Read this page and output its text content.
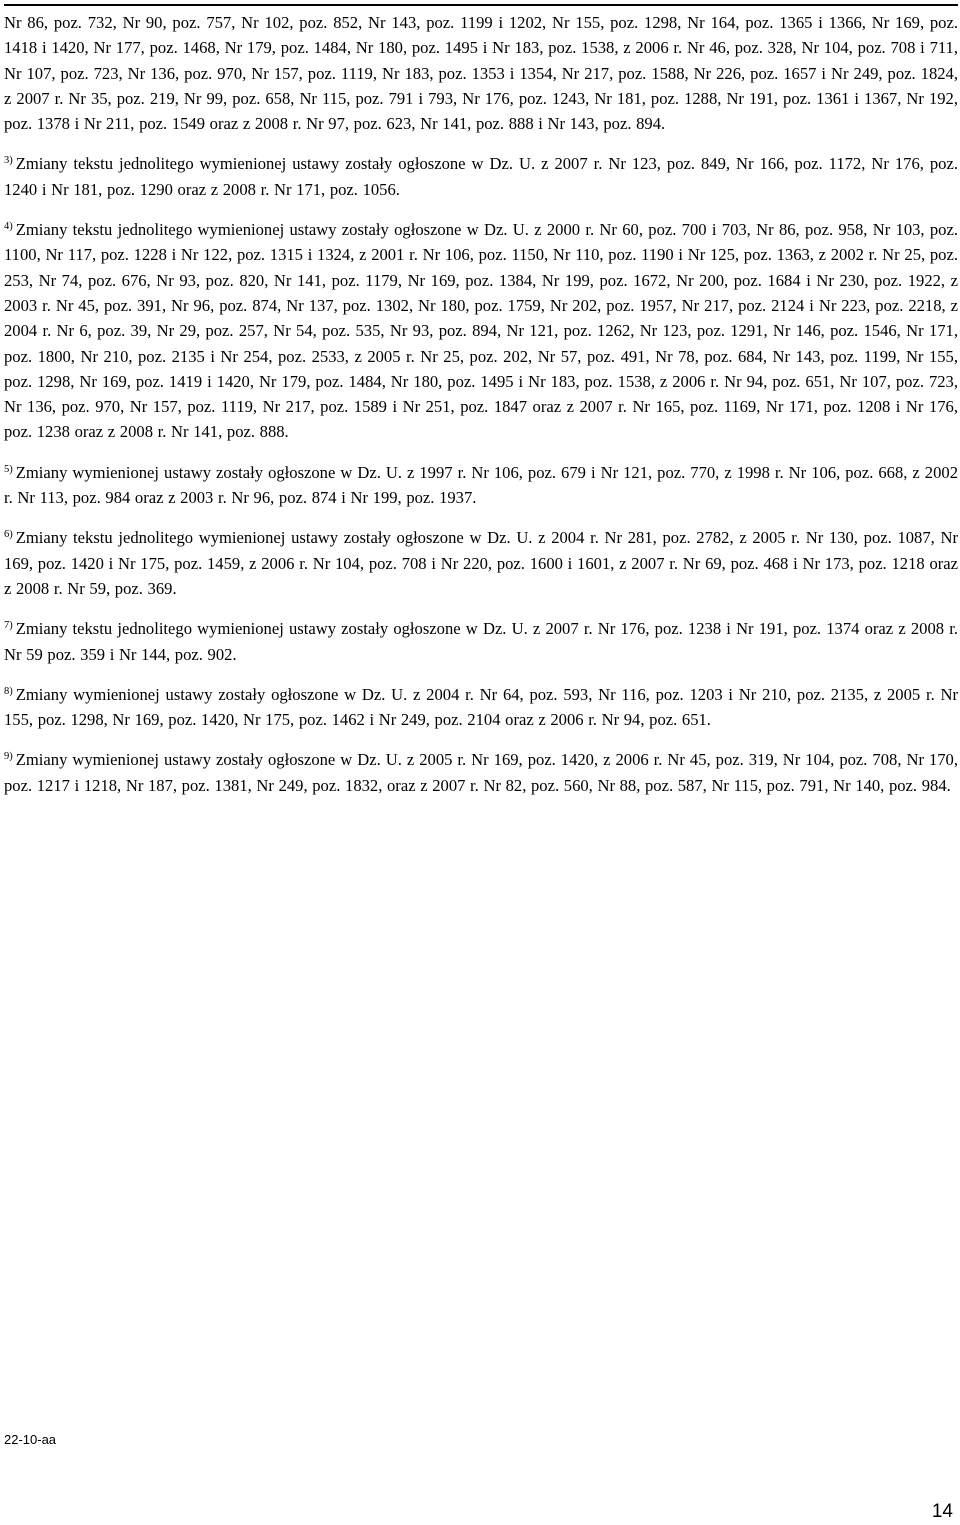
Nr 86, poz. 732, Nr 90, poz. 757, Nr 102, poz. 852, Nr 143, poz. 1199 i 1202, Nr 155, poz. 1298, Nr 164, poz. 1365 i 1366, Nr 169, poz. 1418 i 1420, Nr 177, poz. 1468, Nr 179, poz. 1484, Nr 180, poz. 1495 i Nr 183, poz. 1538, z 2006 r. Nr 46, poz. 328, Nr 104, poz. 708 i 711, Nr 107, poz. 723, Nr 136, poz. 970, Nr 157, poz. 1119, Nr 183, poz. 1353 i 1354, Nr 217, poz. 1588, Nr 226, poz. 1657 i Nr 249, poz. 1824, z 2007 r. Nr 35, poz. 219, Nr 99, poz. 658, Nr 115, poz. 791 i 793, Nr 176, poz. 1243, Nr 181, poz. 1288, Nr 191, poz. 1361 i 1367, Nr 192, poz. 1378 i Nr 211, poz. 1549 oraz z 2008 r. Nr 97, poz. 623, Nr 141, poz. 888 i Nr 143, poz. 894.

$^{3)}$ Zmiany tekstu jednolitego wymienionej ustawy zostały ogłoszone w Dz. U. z 2007 r. Nr 123, poz. 849, Nr 166, poz. 1172, Nr 176, poz. 1240 i Nr 181, poz. 1290 oraz z 2008 r. Nr 171, poz. 1056.

$^{4)}$ Zmiany tekstu jednolitego wymienionej ustawy zostały ogłoszone w Dz. U. z 2000 r. Nr 60, poz. 700 i 703, Nr 86, poz. 958, Nr 103, poz. 1100, Nr 117, poz. 1228 i Nr 122, poz. 1315 i 1324, z 2001 r. Nr 106, poz. 1150, Nr 110, poz. 1190 i Nr 125, poz. 1363, z 2002 r. Nr 25, poz. 253, Nr 74, poz. 676, Nr 93, poz. 820, Nr 141, poz. 1179, Nr 169, poz. 1384, Nr 199, poz. 1672, Nr 200, poz. 1684 i Nr 230, poz. 1922, z 2003 r. Nr 45, poz. 391, Nr 96, poz. 874, Nr 137, poz. 1302, Nr 180, poz. 1759, Nr 202, poz. 1957, Nr 217, poz. 2124 i Nr 223, poz. 2218, z 2004 r. Nr 6, poz. 39, Nr 29, poz. 257, Nr 54, poz. 535, Nr 93, poz. 894, Nr 121, poz. 1262, Nr 123, poz. 1291, Nr 146, poz. 1546, Nr 171, poz. 1800, Nr 210, poz. 2135 i Nr 254, poz. 2533, z 2005 r. Nr 25, poz. 202, Nr 57, poz. 491, Nr 78, poz. 684, Nr 143, poz. 1199, Nr 155, poz. 1298, Nr 169, poz. 1419 i 1420, Nr 179, poz. 1484, Nr 180, poz. 1495 i Nr 183, poz. 1538, z 2006 r. Nr 94, poz. 651, Nr 107, poz. 723, Nr 136, poz. 970, Nr 157, poz. 1119, Nr 217, poz. 1589 i Nr 251, poz. 1847 oraz z 2007 r. Nr 165, poz. 1169, Nr 171, poz. 1208 i Nr 176, poz. 1238 oraz z 2008 r. Nr 141, poz. 888.

$^{5)}$ Zmiany wymienionej ustawy zostały ogłoszone w Dz. U. z 1997 r. Nr 106, poz. 679 i Nr 121, poz. 770, z 1998 r. Nr 106, poz. 668, z 2002 r. Nr 113, poz. 984 oraz z 2003 r. Nr 96, poz. 874 i Nr 199, poz. 1937.

$^{6)}$ Zmiany tekstu jednolitego wymienionej ustawy zostały ogłoszone w Dz. U. z 2004 r. Nr 281, poz. 2782, z 2005 r. Nr 130, poz. 1087, Nr 169, poz. 1420 i Nr 175, poz. 1459, z 2006 r. Nr 104, poz. 708 i Nr 220, poz. 1600 i 1601, z 2007 r. Nr 69, poz. 468 i Nr 173, poz. 1218 oraz z 2008 r. Nr 59, poz. 369.

$^{7)}$ Zmiany tekstu jednolitego wymienionej ustawy zostały ogłoszone w Dz. U. z 2007 r. Nr 176, poz. 1238 i Nr 191, poz. 1374 oraz z 2008 r. Nr 59 poz. 359 i Nr 144, poz. 902.

$^{8)}$ Zmiany wymienionej ustawy zostały ogłoszone w Dz. U. z 2004 r. Nr 64, poz. 593, Nr 116, poz. 1203 i Nr 210, poz. 2135, z 2005 r. Nr 155, poz. 1298, Nr 169, poz. 1420, Nr 175, poz. 1462 i Nr 249, poz. 2104 oraz z 2006 r. Nr 94, poz. 651.

$^{9)}$ Zmiany wymienionej ustawy zostały ogłoszone w Dz. U. z 2005 r. Nr 169, poz. 1420, z 2006 r. Nr 45, poz. 319, Nr 104, poz. 708, Nr 170, poz. 1217 i 1218, Nr 187, poz. 1381, Nr 249, poz. 1832, oraz z 2007 r. Nr 82, poz. 560, Nr 88, poz. 587, Nr 115, poz. 791, Nr 140, poz. 984.

22-10-aa
14
